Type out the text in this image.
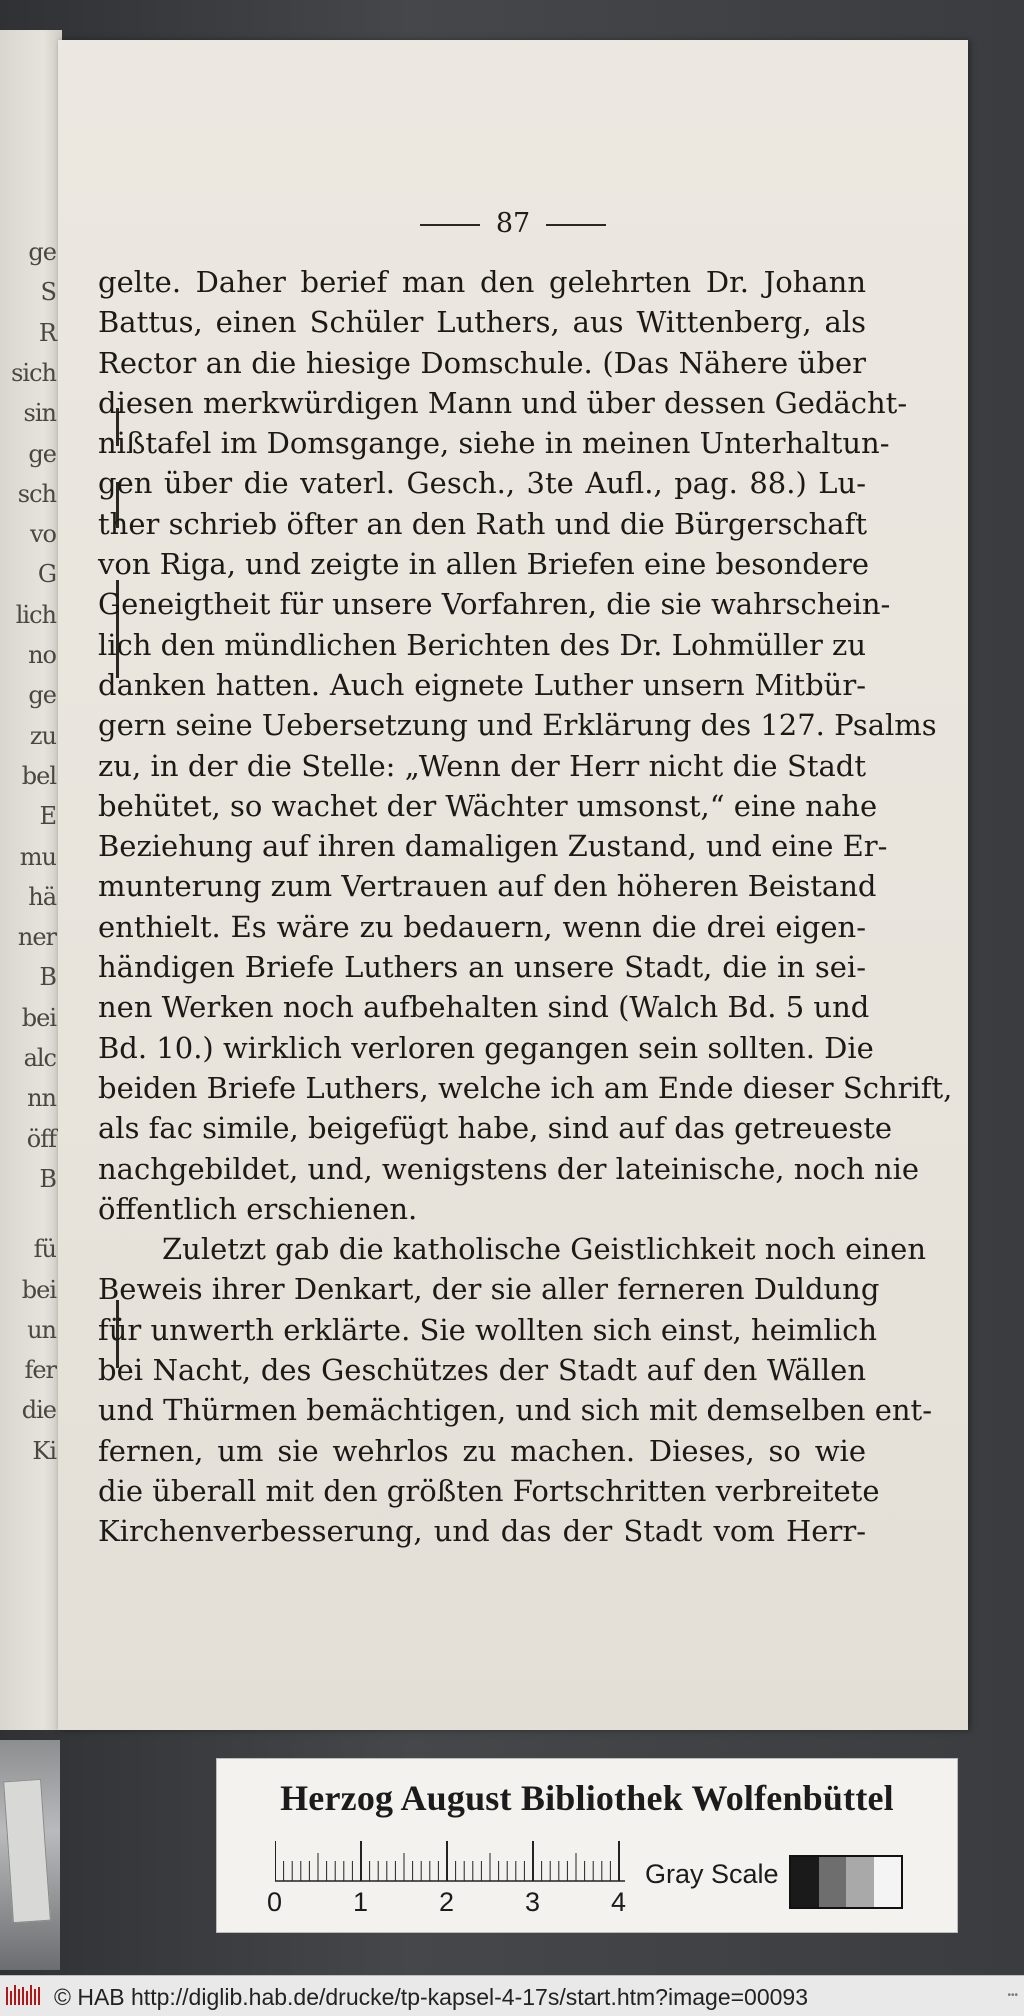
ge
S
R
sich
sin
ge
sch
vo
G
lich
no
ge
zu
bel
E
mu
hä
ner
B
bei
alc
nn
öff
B
fü
bei
un
fer
die
Ki
87
gelte. Daher berief man den gelehrten Dr. Johann
Battus, einen Schüler Luthers, aus Wittenberg, als
Rector an die hiesige Domschule. (Das Nähere über
diesen merkwürdigen Mann und über dessen Gedächt-
nißtafel im Domsgange, siehe in meinen Unterhaltun-
gen über die vaterl. Gesch., 3te Aufl., pag. 88.) Lu-
ther schrieb öfter an den Rath und die Bürgerschaft
von Riga, und zeigte in allen Briefen eine besondere
Geneigtheit für unsere Vorfahren, die sie wahrschein-
lich den mündlichen Berichten des Dr. Lohmüller zu
danken hatten. Auch eignete Luther unsern Mitbür-
gern seine Uebersetzung und Erklärung des 127. Psalms
zu, in der die Stelle: „Wenn der Herr nicht die Stadt
behütet, so wachet der Wächter umsonst,“ eine nahe
Beziehung auf ihren damaligen Zustand, und eine Er-
munterung zum Vertrauen auf den höheren Beistand
enthielt. Es wäre zu bedauern, wenn die drei eigen-
händigen Briefe Luthers an unsere Stadt, die in sei-
nen Werken noch aufbehalten sind (Walch Bd. 5 und
Bd. 10.) wirklich verloren gegangen sein sollten. Die
beiden Briefe Luthers, welche ich am Ende dieser Schrift,
als fac simile, beigefügt habe, sind auf das getreueste
nachgebildet, und, wenigstens der lateinische, noch nie
öffentlich erschienen.
Zuletzt gab die katholische Geistlichkeit noch einen
Beweis ihrer Denkart, der sie aller ferneren Duldung
für unwerth erklärte. Sie wollten sich einst, heimlich
bei Nacht, des Geschützes der Stadt auf den Wällen
und Thürmen bemächtigen, und sich mit demselben ent-
fernen, um sie wehrlos zu machen. Dieses, so wie
die überall mit den größten Fortschritten verbreitete
Kirchenverbesserung, und das der Stadt vom Herr-
Herzog August Bibliothek Wolfenbüttel
0	1	2	3	4
Gray Scale
© HAB http://diglib.hab.de/drucke/tp-kapsel-4-17s/start.htm?image=00093	•••
